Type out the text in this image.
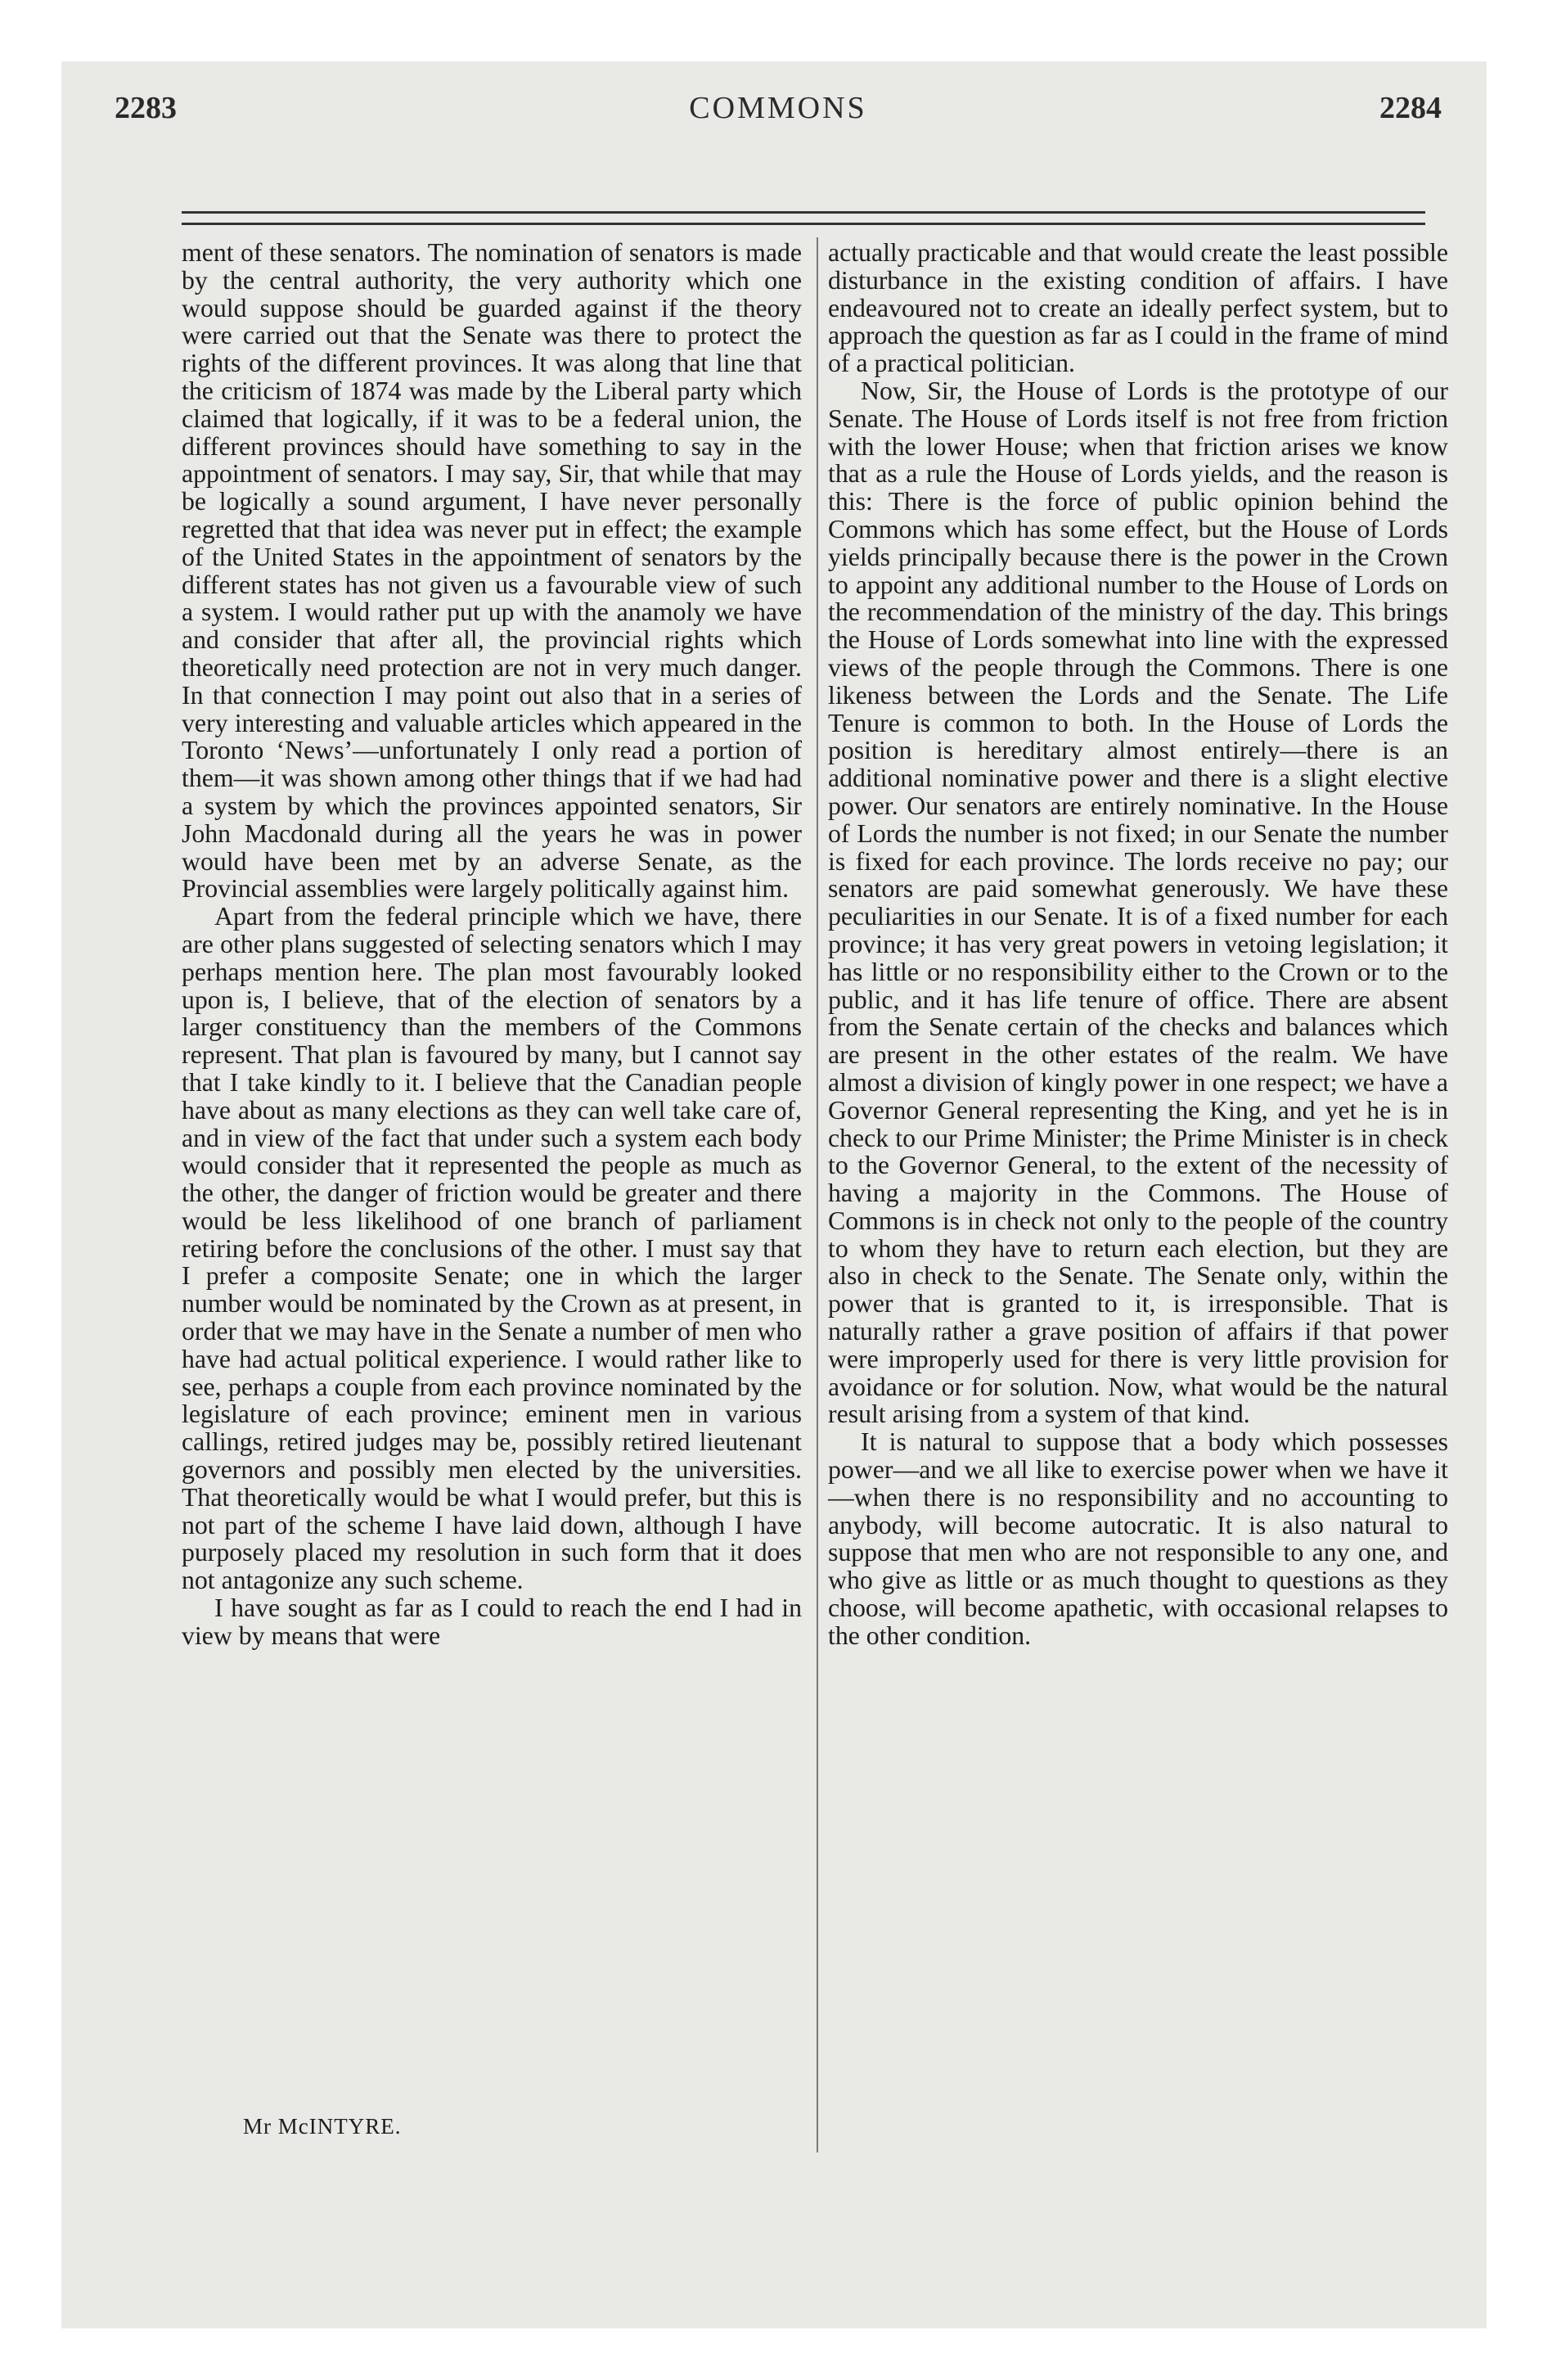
2283	COMMONS	2284

ment of these senators. The nomination of senators is made by the central authority, the very authority which one would suppose should be guarded against if the theory were carried out that the Senate was there to protect the rights of the different provinces. It was along that line that the criticism of 1874 was made by the Liberal party which claimed that logically, if it was to be a federal union, the different provinces should have something to say in the appointment of senators. I may say, Sir, that while that may be logically a sound argument, I have never personally regretted that that idea was never put in effect; the example of the United States in the appointment of senators by the different states has not given us a favourable view of such a system. I would rather put up with the anamoly we have and consider that after all, the provincial rights which theoretically need protection are not in very much danger. In that connection I may point out also that in a series of very interesting and valuable articles which appeared in the Toronto ‘News’—unfortunately I only read a portion of them—it was shown among other things that if we had had a system by which the provinces appointed senators, Sir John Macdonald during all the years he was in power would have been met by an adverse Senate, as the Provincial assemblies were largely politically against him.

Apart from the federal principle which we have, there are other plans suggested of selecting senators which I may perhaps mention here. The plan most favourably looked upon is, I believe, that of the election of senators by a larger constituency than the members of the Commons represent. That plan is favoured by many, but I cannot say that I take kindly to it. I believe that the Canadian people have about as many elections as they can well take care of, and in view of the fact that under such a system each body would consider that it represented the people as much as the other, the danger of friction would be greater and there would be less likelihood of one branch of parliament retiring before the conclusions of the other. I must say that I prefer a composite Senate; one in which the larger number would be nominated by the Crown as at present, in order that we may have in the Senate a number of men who have had actual political experience. I would rather like to see, perhaps a couple from each province nominated by the legislature of each province; eminent men in various callings, retired judges may be, possibly retired lieutenant governors and possibly men elected by the universities. That theoretically would be what I would prefer, but this is not part of the scheme I have laid down, although I have purposely placed my resolution in such form that it does not antagonize any such scheme.

I have sought as far as I could to reach the end I had in view by means that were

actually practicable and that would create the least possible disturbance in the existing condition of affairs. I have endeavoured not to create an ideally perfect system, but to approach the question as far as I could in the frame of mind of a practical politician.

Now, Sir, the House of Lords is the prototype of our Senate. The House of Lords itself is not free from friction with the lower House; when that friction arises we know that as a rule the House of Lords yields, and the reason is this: There is the force of public opinion behind the Commons which has some effect, but the House of Lords yields principally because there is the power in the Crown to appoint any additional number to the House of Lords on the recommendation of the ministry of the day. This brings the House of Lords somewhat into line with the expressed views of the people through the Commons. There is one likeness between the Lords and the Senate. The Life Tenure is common to both. In the House of Lords the position is hereditary almost entirely—there is an additional nominative power and there is a slight elective power. Our senators are entirely nominative. In the House of Lords the number is not fixed; in our Senate the number is fixed for each province. The lords receive no pay; our senators are paid somewhat generously. We have these peculiarities in our Senate. It is of a fixed number for each province; it has very great powers in vetoing legislation; it has little or no responsibility either to the Crown or to the public, and it has life tenure of office. There are absent from the Senate certain of the checks and balances which are present in the other estates of the realm. We have almost a division of kingly power in one respect; we have a Governor General representing the King, and yet he is in check to our Prime Minister; the Prime Minister is in check to the Governor General, to the extent of the necessity of having a majority in the Commons. The House of Commons is in check not only to the people of the country to whom they have to return each election, but they are also in check to the Senate. The Senate only, within the power that is granted to it, is irresponsible. That is naturally rather a grave position of affairs if that power were improperly used for there is very little provision for avoidance or for solution. Now, what would be the natural result arising from a system of that kind.

It is natural to suppose that a body which possesses power—and we all like to exercise power when we have it—when there is no responsibility and no accounting to anybody, will become autocratic. It is also natural to suppose that men who are not responsible to any one, and who give as little or as much thought to questions as they choose, will become apathetic, with occasional relapses to the other condition.

Mr McINTYRE.
